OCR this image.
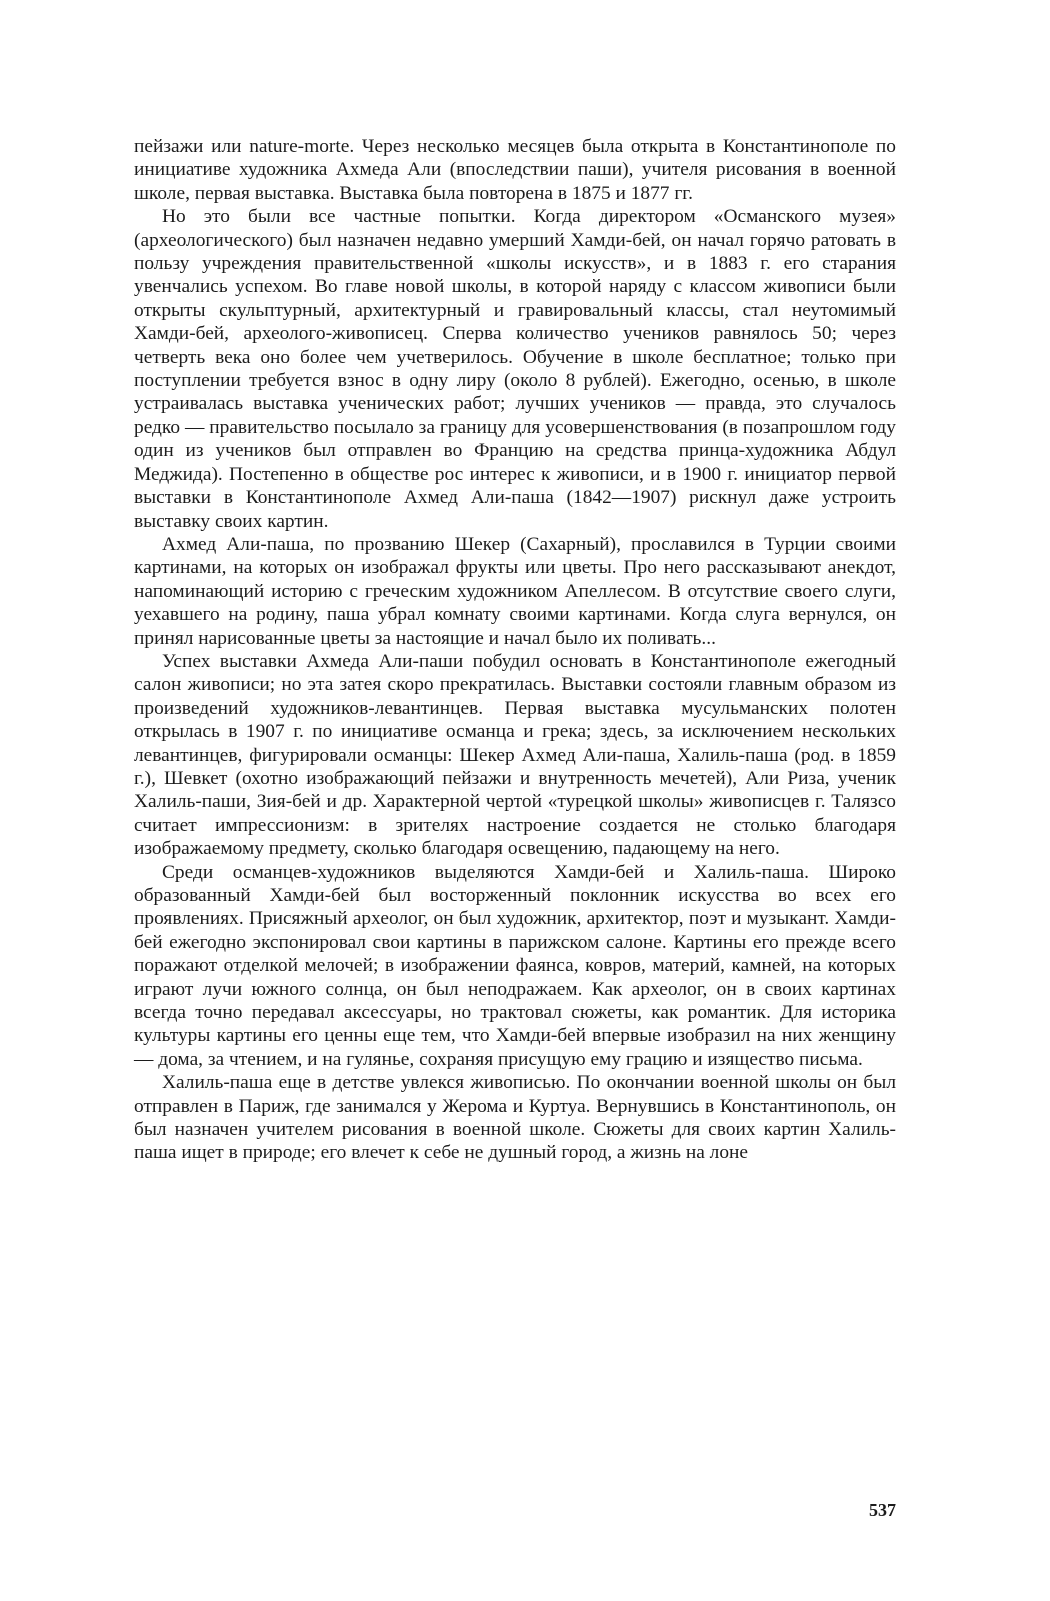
пейзажи или nature-morte. Через несколько месяцев была открыта в Константинополе по инициативе художника Ахмеда Али (впоследствии паши), учителя рисования в военной школе, первая выставка. Выставка была повторена в 1875 и 1877 гг.

Но это были все частные попытки. Когда директором «Османского музея» (археологического) был назначен недавно умерший Хамди-бей, он начал горячо ратовать в пользу учреждения правительственной «школы искусств», и в 1883 г. его старания увенчались успехом. Во главе новой школы, в которой наряду с классом живописи были открыты скульптурный, архитектурный и гравировальный классы, стал неутомимый Хамди-бей, археолого-живописец. Сперва количество учеников равнялось 50; через четверть века оно более чем учетверилось. Обучение в школе бесплатное; только при поступлении требуется взнос в одну лиру (около 8 рублей). Ежегодно, осенью, в школе устраивалась выставка ученических работ; лучших учеников — правда, это случалось редко — правительство посылало за границу для усовершенствования (в позапрошлом году один из учеников был отправлен во Францию на средства принца-художника Абдул Меджида). Постепенно в обществе рос интерес к живописи, и в 1900 г. инициатор первой выставки в Константинополе Ахмед Али-паша (1842—1907) рискнул даже устроить выставку своих картин.

Ахмед Али-паша, по прозванию Шекер (Сахарный), прославился в Турции своими картинами, на которых он изображал фрукты или цветы. Про него рассказывают анекдот, напоминающий историю с греческим художником Апеллесом. В отсутствие своего слуги, уехавшего на родину, паша убрал комнату своими картинами. Когда слуга вернулся, он принял нарисованные цветы за настоящие и начал было их поливать...

Успех выставки Ахмеда Али-паши побудил основать в Константинополе ежегодный салон живописи; но эта затея скоро прекратилась. Выставки состояли главным образом из произведений художников-левантинцев. Первая выставка мусульманских полотен открылась в 1907 г. по инициативе османца и грека; здесь, за исключением нескольких левантинцев, фигурировали османцы: Шекер Ахмед Али-паша, Халиль-паша (род. в 1859 г.), Шевкет (охотно изображающий пейзажи и внутренность мечетей), Али Риза, ученик Халиль-паши, Зия-бей и др. Характерной чертой «турецкой школы» живописцев г. Талязсо считает импрессионизм: в зрителях настроение создается не столько благодаря изображаемому предмету, сколько благодаря освещению, падающему на него.

Среди османцев-художников выделяются Хамди-бей и Халиль-паша. Широко образованный Хамди-бей был восторженный поклонник искусства во всех его проявлениях. Присяжный археолог, он был художник, архитектор, поэт и музыкант. Хамди-бей ежегодно экспонировал свои картины в парижском салоне. Картины его прежде всего поражают отделкой мелочей; в изображении фаянса, ковров, материй, камней, на которых играют лучи южного солнца, он был неподражаем. Как археолог, он в своих картинах всегда точно передавал аксессуары, но трактовал сюжеты, как романтик. Для историка культуры картины его ценны еще тем, что Хамди-бей впервые изобразил на них женщину — дома, за чтением, и на гулянье, сохраняя присущую ему грацию и изящество письма.

Халиль-паша еще в детстве увлекся живописью. По окончании военной школы он был отправлен в Париж, где занимался у Жерома и Куртуа. Вернувшись в Константинополь, он был назначен учителем рисования в военной школе. Сюжеты для своих картин Халиль-паша ищет в природе; его влечет к себе не душный город, а жизнь на лоне

537
